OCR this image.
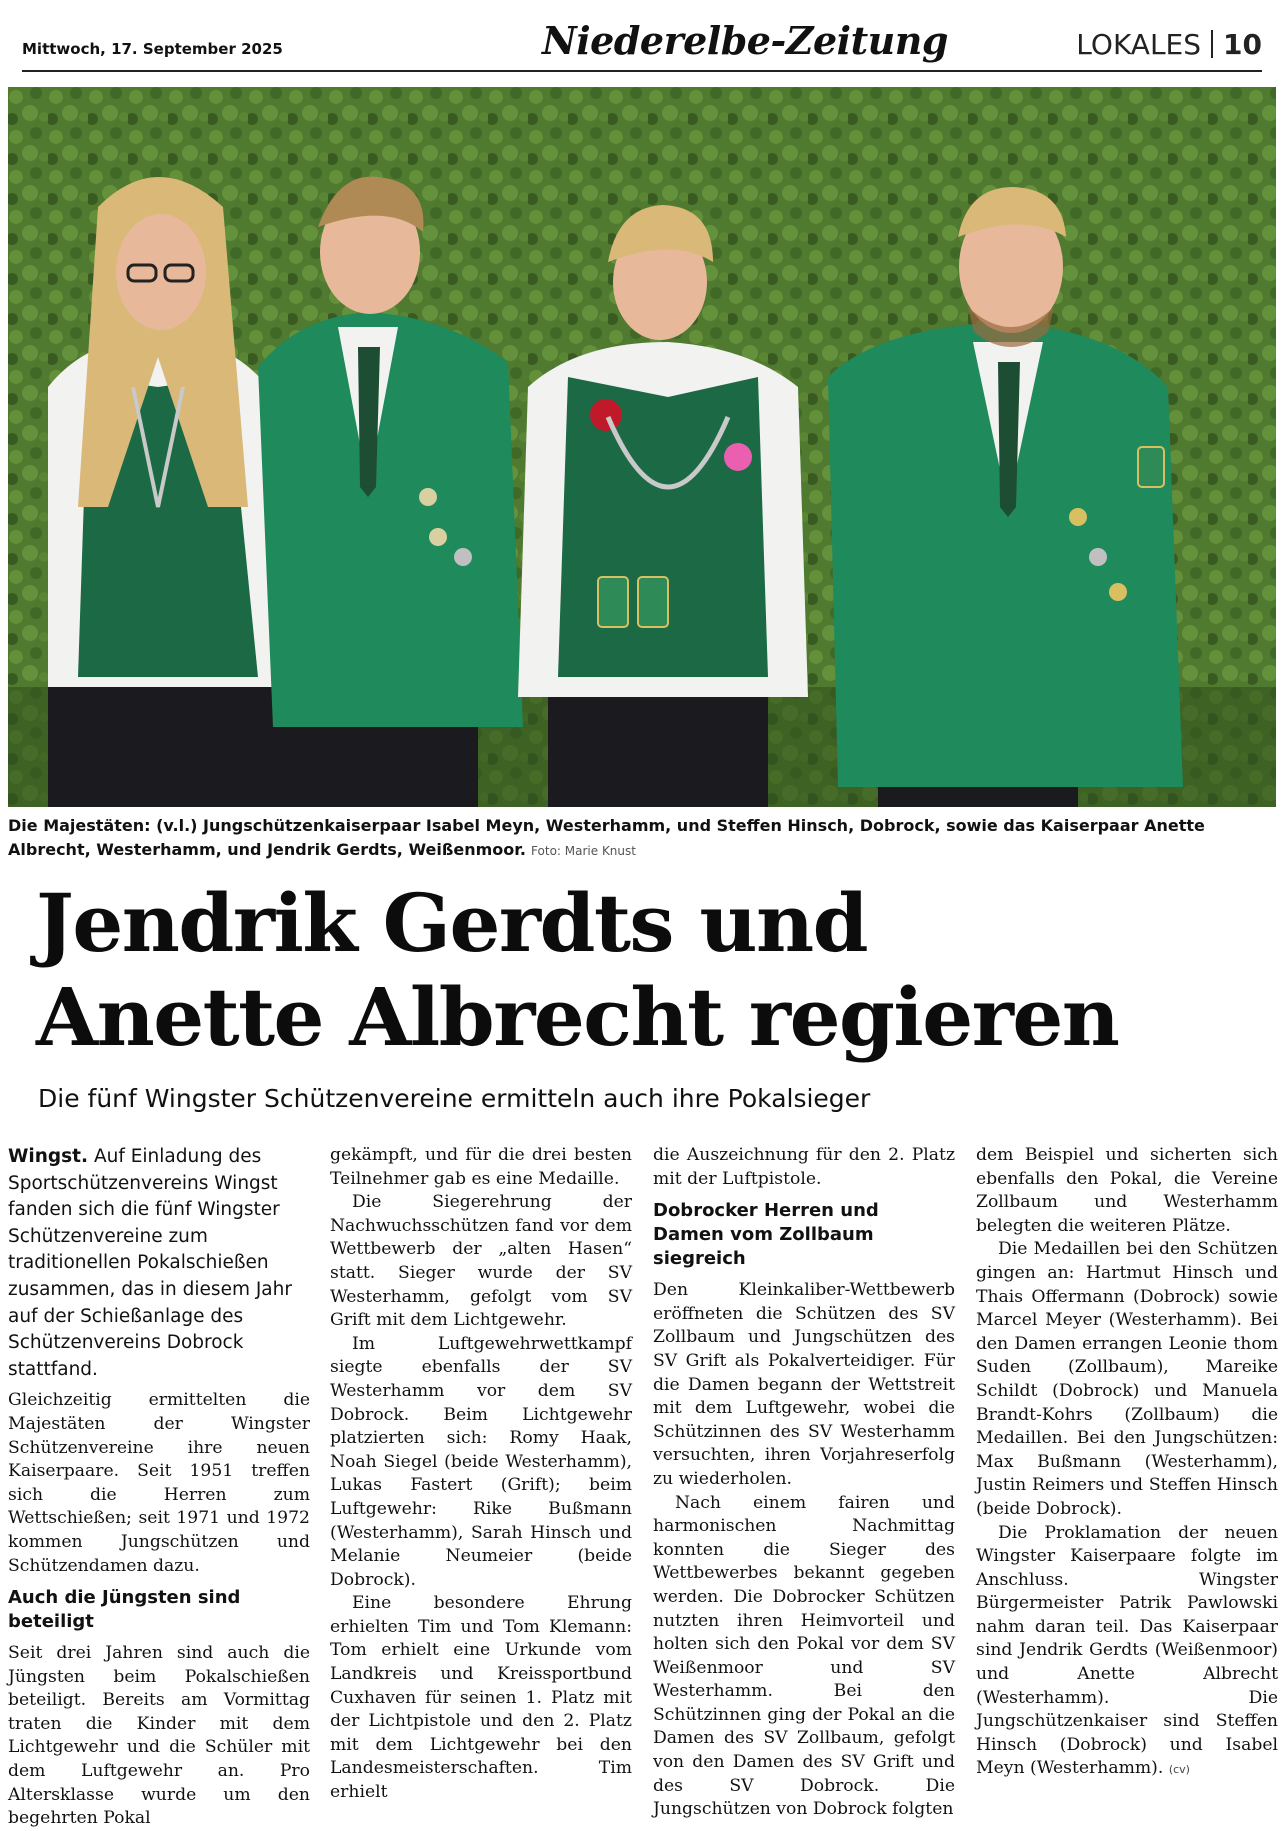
Mittwoch, 17. September 2025	Niederelbe-Zeitung	LOKALES 10
Die Majestäten: (v.l.) Jungschützenkaiserpaar Isabel Meyn, Westerhamm, und Steffen Hinsch, Dobrock, sowie das Kaiserpaar Anette Albrecht, Westerhamm, und Jendrik Gerdts, Weißenmoor. Foto: Marie Knust
Jendrik Gerdts und
Anette Albrecht regieren
Die fünf Wingster Schützenvereine ermitteln auch ihre Pokalsieger

Wingst. Auf Einladung des Sportschützenvereins Wingst fanden sich die fünf Wingster Schützenvereine zum traditionellen Pokalschießen zusammen, das in diesem Jahr auf der Schießanlage des Schützenvereins Dobrock stattfand.

Gleichzeitig ermittelten die Majestäten der Wingster Schützenvereine ihre neuen Kaiserpaare. Seit 1951 treffen sich die Herren zum Wettschießen; seit 1971 und 1972 kommen Jungschützen und Schützendamen dazu.

Auch die Jüngsten sind beteiligt

Seit drei Jahren sind auch die Jüngsten beim Pokalschießen beteiligt. Bereits am Vormittag traten die Kinder mit dem Lichtgewehr und die Schüler mit dem Luftgewehr an. Pro Altersklasse wurde um den begehrten Pokal

gekämpft, und für die drei besten Teilnehmer gab es eine Medaille.

Die Siegerehrung der Nachwuchsschützen fand vor dem Wettbewerb der „alten Hasen“ statt. Sieger wurde der SV Westerhamm, gefolgt vom SV Grift mit dem Lichtgewehr.

Im Luftgewehrwettkampf siegte ebenfalls der SV Westerhamm vor dem SV Dobrock. Beim Lichtgewehr platzierten sich: Romy Haak, Noah Siegel (beide Westerhamm), Lukas Fastert (Grift); beim Luftgewehr: Rike Bußmann (Westerhamm), Sarah Hinsch und Melanie Neumeier (beide Dobrock).

Eine besondere Ehrung erhielten Tim und Tom Klemann: Tom erhielt eine Urkunde vom Landkreis und Kreissportbund Cuxhaven für seinen 1. Platz mit der Lichtpistole und den 2. Platz mit dem Lichtgewehr bei den Landesmeisterschaften. Tim erhielt

die Auszeichnung für den 2. Platz mit der Luftpistole.

Dobrocker Herren und Damen vom Zollbaum siegreich

Den Kleinkaliber-Wettbewerb eröffneten die Schützen des SV Zollbaum und Jungschützen des SV Grift als Pokalverteidiger. Für die Damen begann der Wettstreit mit dem Luftgewehr, wobei die Schützinnen des SV Westerhamm versuchten, ihren Vorjahreserfolg zu wiederholen.

Nach einem fairen und harmonischen Nachmittag konnten die Sieger des Wettbewerbes bekannt gegeben werden. Die Dobrocker Schützen nutzten ihren Heimvorteil und holten sich den Pokal vor dem SV Weißenmoor und SV Westerhamm. Bei den Schützinnen ging der Pokal an die Damen des SV Zollbaum, gefolgt von den Damen des SV Grift und des SV Dobrock. Die Jungschützen von Dobrock folgten

dem Beispiel und sicherten sich ebenfalls den Pokal, die Vereine Zollbaum und Westerhamm belegten die weiteren Plätze.

Die Medaillen bei den Schützen gingen an: Hartmut Hinsch und Thais Offermann (Dobrock) sowie Marcel Meyer (Westerhamm). Bei den Damen errangen Leonie thom Suden (Zollbaum), Mareike Schildt (Dobrock) und Manuela Brandt-Kohrs (Zollbaum) die Medaillen. Bei den Jungschützen: Max Bußmann (Westerhamm), Justin Reimers und Steffen Hinsch (beide Dobrock).

Die Proklamation der neuen Wingster Kaiserpaare folgte im Anschluss. Wingster Bürgermeister Patrik Pawlowski nahm daran teil. Das Kaiserpaar sind Jendrik Gerdts (Weißenmoor) und Anette Albrecht (Westerhamm). Die Jungschützenkaiser sind Steffen Hinsch (Dobrock) und Isabel Meyn (Westerhamm). (cv)
